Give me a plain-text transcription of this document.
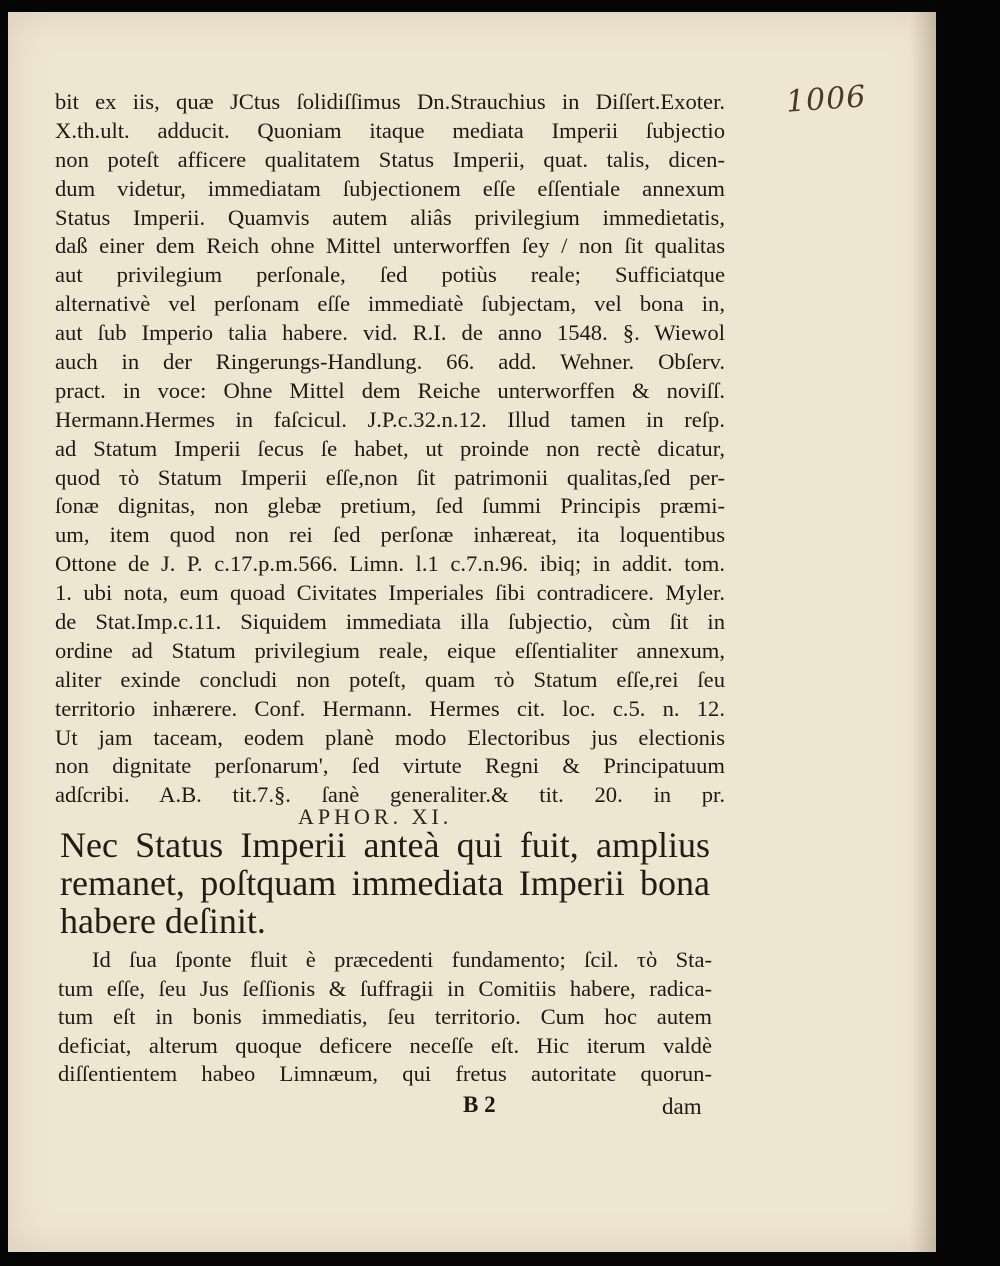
1006
bit ex iis, quæ JCtus ſolidiſſimus Dn.Strauchius in Diſſert.Exoter.
X.th.ult. adducit. Quoniam itaque mediata Imperii ſubjectio
non poteſt afficere qualitatem Status Imperii, quat. talis, dicen-
dum videtur, immediatam ſubjectionem eſſe eſſentiale annexum
Status Imperii. Quamvis autem aliâs privilegium immedietatis,
daß einer dem Reich ohne Mittel unterworffen ſey / non ſit qualitas
aut privilegium perſonale, ſed potiùs reale; Sufficiatque
alternativè vel perſonam eſſe immediatè ſubjectam, vel bona in,
aut ſub Imperio talia habere. vid. R.I. de anno 1548. §. Wiewol
auch in der Ringerungs-Handlung. 66. add. Wehner. Obſerv.
pract. in voce: Ohne Mittel dem Reiche unterworffen & noviſſ.
Hermann.Hermes in faſcicul. J.P.c.32.n.12. Illud tamen in reſp.
ad Statum Imperii ſecus ſe habet, ut proinde non rectè dicatur,
quod τὸ Statum Imperii eſſe,non ſit patrimonii qualitas,ſed per-
ſonæ dignitas, non glebæ pretium, ſed ſummi Principis præmi-
um, item quod non rei ſed perſonæ inhæreat, ita loquentibus
Ottone de J. P. c.17.p.m.566. Limn. l.1 c.7.n.96. ibiq; in addit. tom.
1. ubi nota, eum quoad Civitates Imperiales ſibi contradicere. Myler.
de Stat.Imp.c.11. Siquidem immediata illa ſubjectio, cùm ſit in
ordine ad Statum privilegium reale, eique eſſentialiter annexum,
aliter exinde concludi non poteſt, quam τὸ Statum eſſe,rei ſeu
territorio inhærere. Conf. Hermann. Hermes cit. loc. c.5. n. 12.
Ut jam taceam, eodem planè modo Electoribus jus electionis
non dignitate perſonarum', ſed virtute Regni & Principatuum
adſcribi. A.B. tit.7.§. ſanè generaliter.& tit. 20. in pr.
APHOR. XI.
Nec Status Imperii anteà qui fuit, amplius
remanet, poſtquam immediata Imperii bona
habere deſinit.
Id ſua ſponte fluit è præcedenti fundamento; ſcil. τὸ Sta-
tum eſſe, ſeu Jus ſeſſionis & ſuffragii in Comitiis habere, radica-
tum eſt in bonis immediatis, ſeu territorio. Cum hoc autem
deficiat, alterum quoque deficere neceſſe eſt. Hic iterum valdè
diſſentientem habeo Limnæum, qui fretus autoritate quorun-
B 2	dam
